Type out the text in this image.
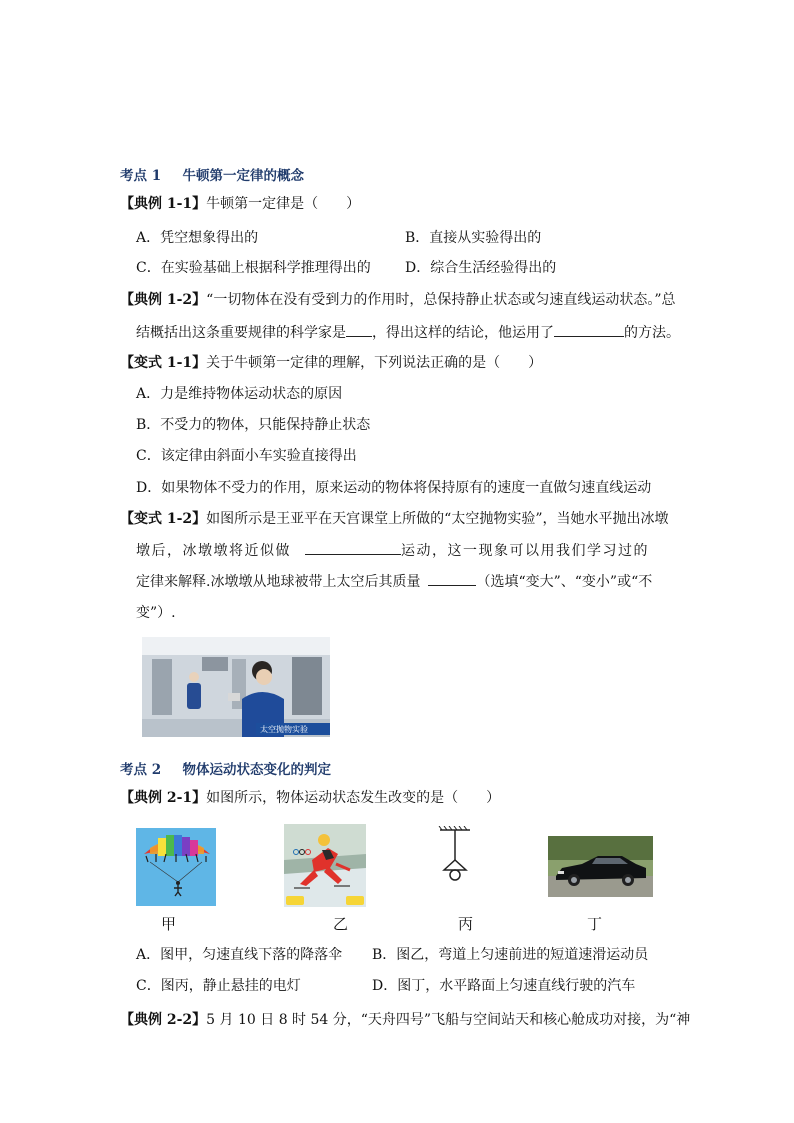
考点 1 牛顿第一定律的概念
【典例 1-1】牛顿第一定律是（　　）
A．凭空想象得出的	B．直接从实验得出的
C．在实验基础上根据科学推理得出的 D．综合生活经验得出的
【典例 1-2】“一切物体在没有受到力的作用时，总保持静止状态或匀速直线运动状态。”总
结概括出这条重要规律的科学家是 ，得出这样的结论，他运用了	的方法。
【变式 1-1】关于牛顿第一定律的理解，下列说法正确的是（　　）
A．力是维持物体运动状态的原因
B．不受力的物体，只能保持静止状态
C．该定律由斜面小车实验直接得出
D．如果物体不受力的作用，原来运动的物体将保持原有的速度一直做匀速直线运动
【变式 1-2】如图所示是王亚平在天宫课堂上所做的“太空抛物实验”，当她水平抛出冰墩
墩后，冰墩墩将近似做	运动，这一现象可以用我们学习过的
定律来解释.冰墩墩从地球被带上太空后其质量	（选填“变大”、“变小”或“不
变”）.
太空抛物实验
考点 2 物体运动状态变化的判定
【典例 2-1】如图所示，物体运动状态发生改变的是（　　）
甲	乙	丙	丁
A．图甲，匀速直线下落的降落伞 B．图乙，弯道上匀速前进的短道速滑运动员
C．图丙，静止悬挂的电灯	D．图丁，水平路面上匀速直线行驶的汽车
【典例 2-2】5 月 10 日 8 时 54 分，“天舟四号”飞船与空间站天和核心舱成功对接，为“神
